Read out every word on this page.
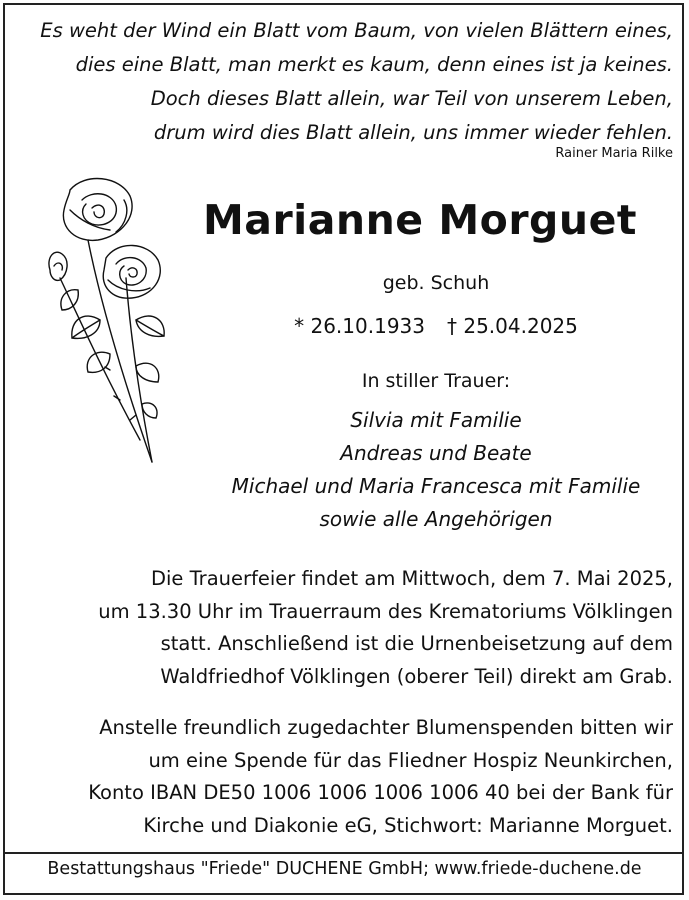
Es weht der Wind ein Blatt vom Baum, von vielen Blättern eines,
dies eine Blatt, man merkt es kaum, denn eines ist ja keines.
Doch dieses Blatt allein, war Teil von unserem Leben,
drum wird dies Blatt allein, uns immer wieder fehlen.
Rainer Maria Rilke
Marianne Morguet
geb. Schuh
* 26.10.1933 † 25.04.2025
In stiller Trauer:
Silvia mit Familie
Andreas und Beate
Michael und Maria Francesca mit Familie
sowie alle Angehörigen
Die Trauerfeier findet am Mittwoch, dem 7. Mai 2025,
um 13.30 Uhr im Trauerraum des Krematoriums Völklingen
statt. Anschließend ist die Urnenbeisetzung auf dem
Waldfriedhof Völklingen (oberer Teil) direkt am Grab.
Anstelle freundlich zugedachter Blumenspenden bitten wir
um eine Spende für das Fliedner Hospiz Neunkirchen,
Konto IBAN DE50 1006 1006 1006 1006 40 bei der Bank für
Kirche und Diakonie eG, Stichwort: Marianne Morguet.
Bestattungshaus "Friede" DUCHENE GmbH; www.friede-duchene.de
